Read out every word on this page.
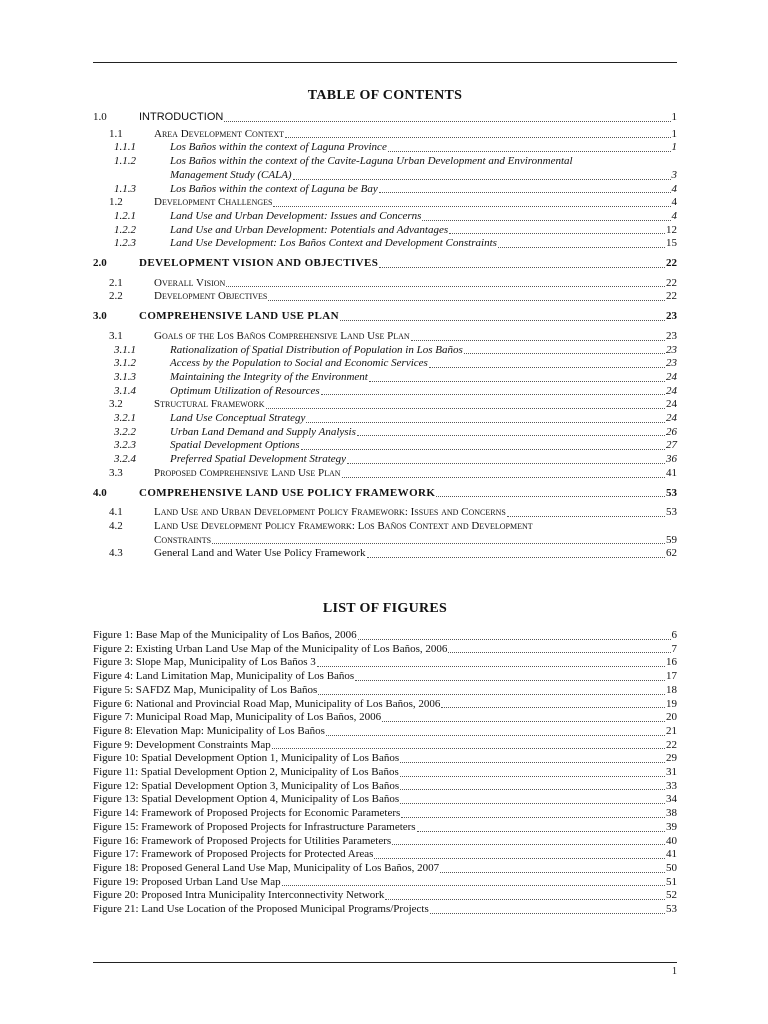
TABLE OF CONTENTS
1.0	INTRODUCTION	1
1.1	Area Development Context	1
1.1.1	Los Baños within the context of Laguna Province	1
1.1.2	Los Baños within the context of the Cavite-Laguna Urban Development and Environmental
Management Study (CALA)	3
1.1.3	Los Baños within the context of Laguna be Bay	4
1.2	Development Challenges	4
1.2.1	Land Use and Urban Development: Issues and Concerns	4
1.2.2	Land Use and Urban Development: Potentials and Advantages	12
1.2.3	Land Use Development: Los Baños Context and Development Constraints	15
2.0	DEVELOPMENT VISION AND OBJECTIVES	22
2.1	Overall Vision	22
2.2	Development Objectives	22
3.0	COMPREHENSIVE LAND USE PLAN	23
3.1	Goals of the Los Baños Comprehensive Land Use Plan	23
3.1.1	Rationalization of Spatial Distribution of Population in Los Baños	23
3.1.2	Access by the Population to Social and Economic Services	23
3.1.3	Maintaining the Integrity of the Environment	24
3.1.4	Optimum Utilization of Resources	24
3.2	Structural Framework	24
3.2.1	Land Use Conceptual Strategy	24
3.2.2	Urban Land Demand and Supply Analysis	26
3.2.3	Spatial Development Options	27
3.2.4	Preferred Spatial Development Strategy	36
3.3	Proposed Comprehensive Land Use Plan	41
4.0	COMPREHENSIVE LAND USE POLICY FRAMEWORK	53
4.1	Land Use and Urban Development Policy Framework: Issues and Concerns	53
4.2	Land Use Development Policy Framework: Los Baños Context and Development
Constraints	59
4.3	General Land and Water Use Policy Framework	62
LIST OF FIGURES
Figure 1: Base Map of the Municipality of Los Baños, 2006	6
Figure 2: Existing Urban Land Use Map of the Municipality of Los Baños, 2006	7
Figure 3: Slope Map, Municipality of Los Baños 3	16
Figure 4: Land Limitation Map, Municipality of Los Baños	17
Figure 5: SAFDZ Map, Municipality of Los Baños	18
Figure 6: National and Provincial Road Map, Municipality of Los Baños, 2006	19
Figure 7: Municipal Road Map, Municipality of Los Baños, 2006	20
Figure 8: Elevation Map: Municipality of Los Baños	21
Figure 9: Development Constraints Map	22
Figure 10: Spatial Development Option 1, Municipality of Los Baños	29
Figure 11: Spatial Development Option 2, Municipality of Los Baños	31
Figure 12: Spatial Development Option 3, Municipality of Los Baños	33
Figure 13: Spatial Development Option 4, Municipality of Los Baños	34
Figure 14: Framework of Proposed Projects for Economic Parameters	38
Figure 15: Framework of Proposed Projects for Infrastructure Parameters	39
Figure 16: Framework of Proposed Projects for Utilities Parameters	40
Figure 17: Framework of Proposed Projects for Protected Areas	41
Figure 18: Proposed General Land Use Map, Municipality of Los Baños, 2007	50
Figure 19: Proposed Urban Land Use Map	51
Figure 20: Proposed Intra Municipality Interconnectivity Network	52
Figure 21: Land Use Location of the Proposed Municipal Programs/Projects	53
1
